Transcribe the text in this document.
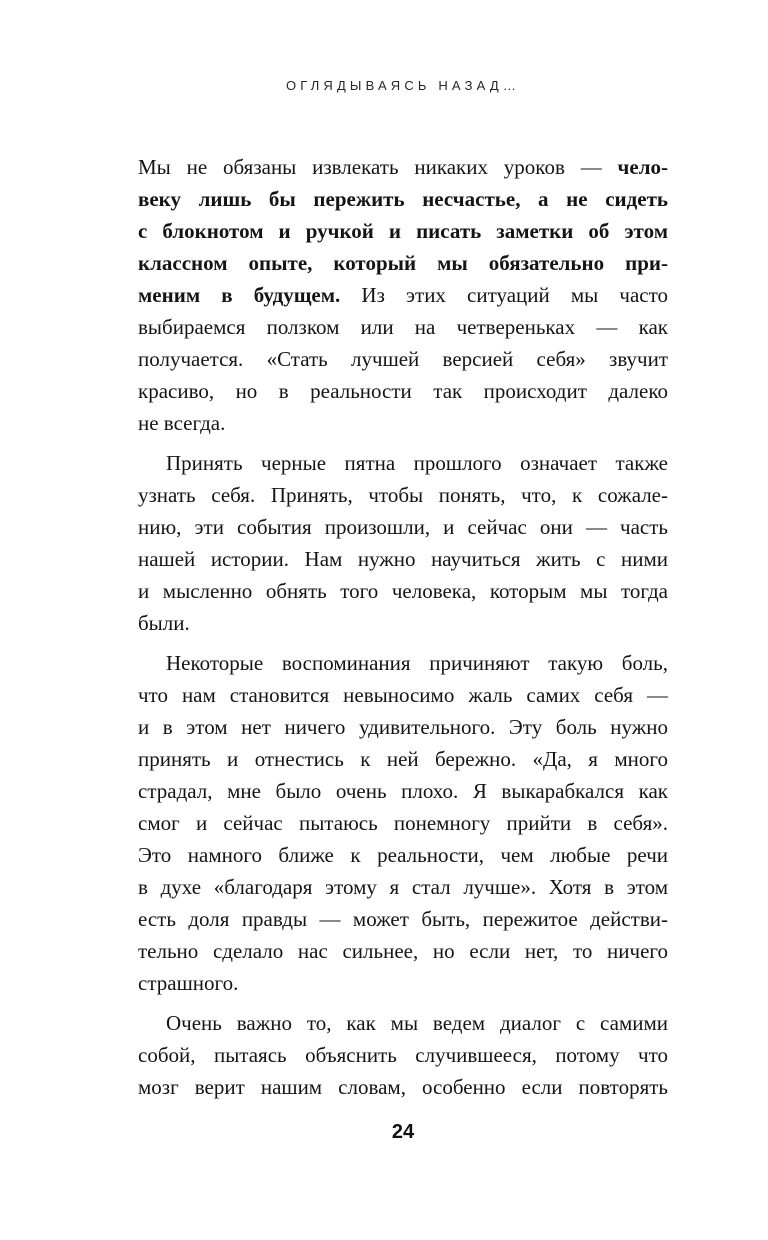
ОГЛЯДЫВАЯСЬ НАЗАД…
Мы не обязаны извлекать никаких уроков — чело-
веку лишь бы пережить несчастье, а не сидеть
с блокнотом и ручкой и писать заметки об этом
классном опыте, который мы обязательно при-
меним в будущем. Из этих ситуаций мы часто
выбираемся ползком или на четвереньках — как
получается. «Стать лучшей версией себя» звучит
красиво, но в реальности так происходит далеко
не всегда.
Принять черные пятна прошлого означает также
узнать себя. Принять, чтобы понять, что, к сожале-
нию, эти события произошли, и сейчас они — часть
нашей истории. Нам нужно научиться жить с ними
и мысленно обнять того человека, которым мы тогда
были.
Некоторые воспоминания причиняют такую боль,
что нам становится невыносимо жаль самих себя —
и в этом нет ничего удивительного. Эту боль нужно
принять и отнестись к ней бережно. «Да, я много
страдал, мне было очень плохо. Я выкарабкался как
смог и сейчас пытаюсь понемногу прийти в себя».
Это намного ближе к реальности, чем любые речи
в духе «благодаря этому я стал лучше». Хотя в этом
есть доля правды — может быть, пережитое действи-
тельно сделало нас сильнее, но если нет, то ничего
страшного.
Очень важно то, как мы ведем диалог с самими
собой, пытаясь объяснить случившееся, потому что
мозг верит нашим словам, особенно если повторять
24
